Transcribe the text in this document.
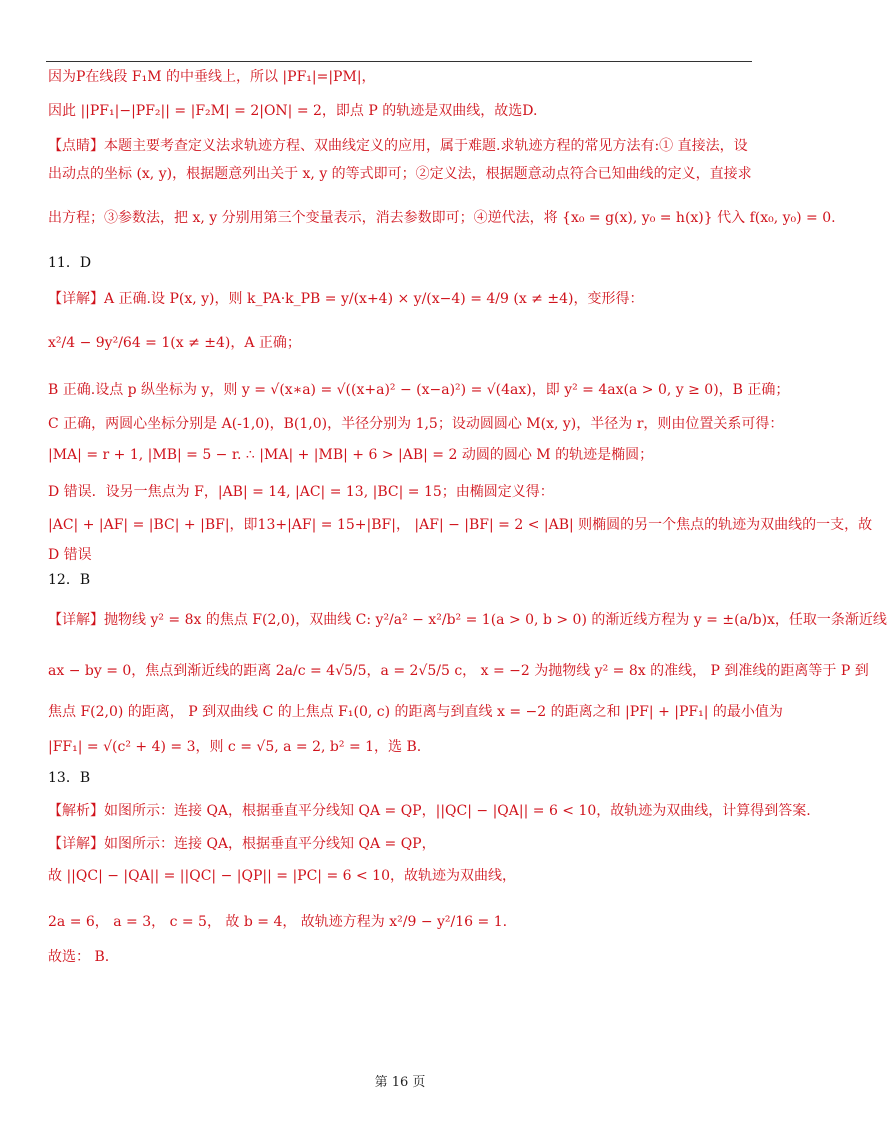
因为P在线段 F₁M 的中垂线上，所以 |PF₁|=|PM|，
因此 ||PF₁|−|PF₂|| = |F₂M| = 2|ON| = 2，即点 P 的轨迹是双曲线，故选D.
【点睛】本题主要考查定义法求轨迹方程、双曲线定义的应用，属于难题.求轨迹方程的常见方法有:① 直接法，设
出动点的坐标 (x, y)，根据题意列出关于 x, y 的等式即可；②定义法，根据题意动点符合已知曲线的定义，直接求
出方程；③参数法，把 x, y 分别用第三个变量表示，消去参数即可；④逆代法，将 {x₀ = g(x), y₀ = h(x)} 代入 f(x₀, y₀) = 0.
11．D
【详解】A 正确.设 P(x, y)，则 k_PA·k_PB = y/(x+4) × y/(x−4) = 4/9 (x ≠ ±4)，变形得：
x²/4 − 9y²/64 = 1(x ≠ ±4)，A 正确；
B 正确.设点 p 纵坐标为 y，则 y = √(x∗a) = √((x+a)² − (x−a)²) = √(4ax)，即 y² = 4ax(a > 0, y ≥ 0)，B 正确；
C 正确，两圆心坐标分别是 A(-1,0)，B(1,0)，半径分别为 1,5；设动圆圆心 M(x, y)，半径为 r，则由位置关系可得：
|MA| = r + 1, |MB| = 5 − r. ∴ |MA| + |MB| + 6 > |AB| = 2 动圆的圆心 M 的轨迹是椭圆；
D 错误．设另一焦点为 F，|AB| = 14, |AC| = 13, |BC| = 15；由椭圆定义得：
|AC| + |AF| = |BC| + |BF|，即13+|AF| = 15+|BF|， |AF| − |BF| = 2 < |AB| 则椭圆的另一个焦点的轨迹为双曲线的一支，故
D 错误
12．B
【详解】抛物线 y² = 8x 的焦点 F(2,0)，双曲线 C: y²/a² − x²/b² = 1(a > 0, b > 0) 的渐近线方程为 y = ±(a/b)x，任取一条渐近线
ax − by = 0，焦点到渐近线的距离 2a/c = 4√5/5，a = 2√5/5 c， x = −2 为抛物线 y² = 8x 的准线， P 到准线的距离等于 P 到
焦点 F(2,0) 的距离， P 到双曲线 C 的上焦点 F₁(0, c) 的距离与到直线 x = −2 的距离之和 |PF| + |PF₁| 的最小值为
|FF₁| = √(c² + 4) = 3，则 c = √5, a = 2, b² = 1，选 B.
13．B
【解析】如图所示：连接 QA，根据垂直平分线知 QA = QP，||QC| − |QA|| = 6 < 10，故轨迹为双曲线，计算得到答案.
【详解】如图所示：连接 QA，根据垂直平分线知 QA = QP，
故 ||QC| − |QA|| = ||QC| − |QP|| = |PC| = 6 < 10，故轨迹为双曲线，
2a = 6， a = 3， c = 5， 故 b = 4， 故轨迹方程为 x²/9 − y²/16 = 1.
故选： B.
第 16 页
